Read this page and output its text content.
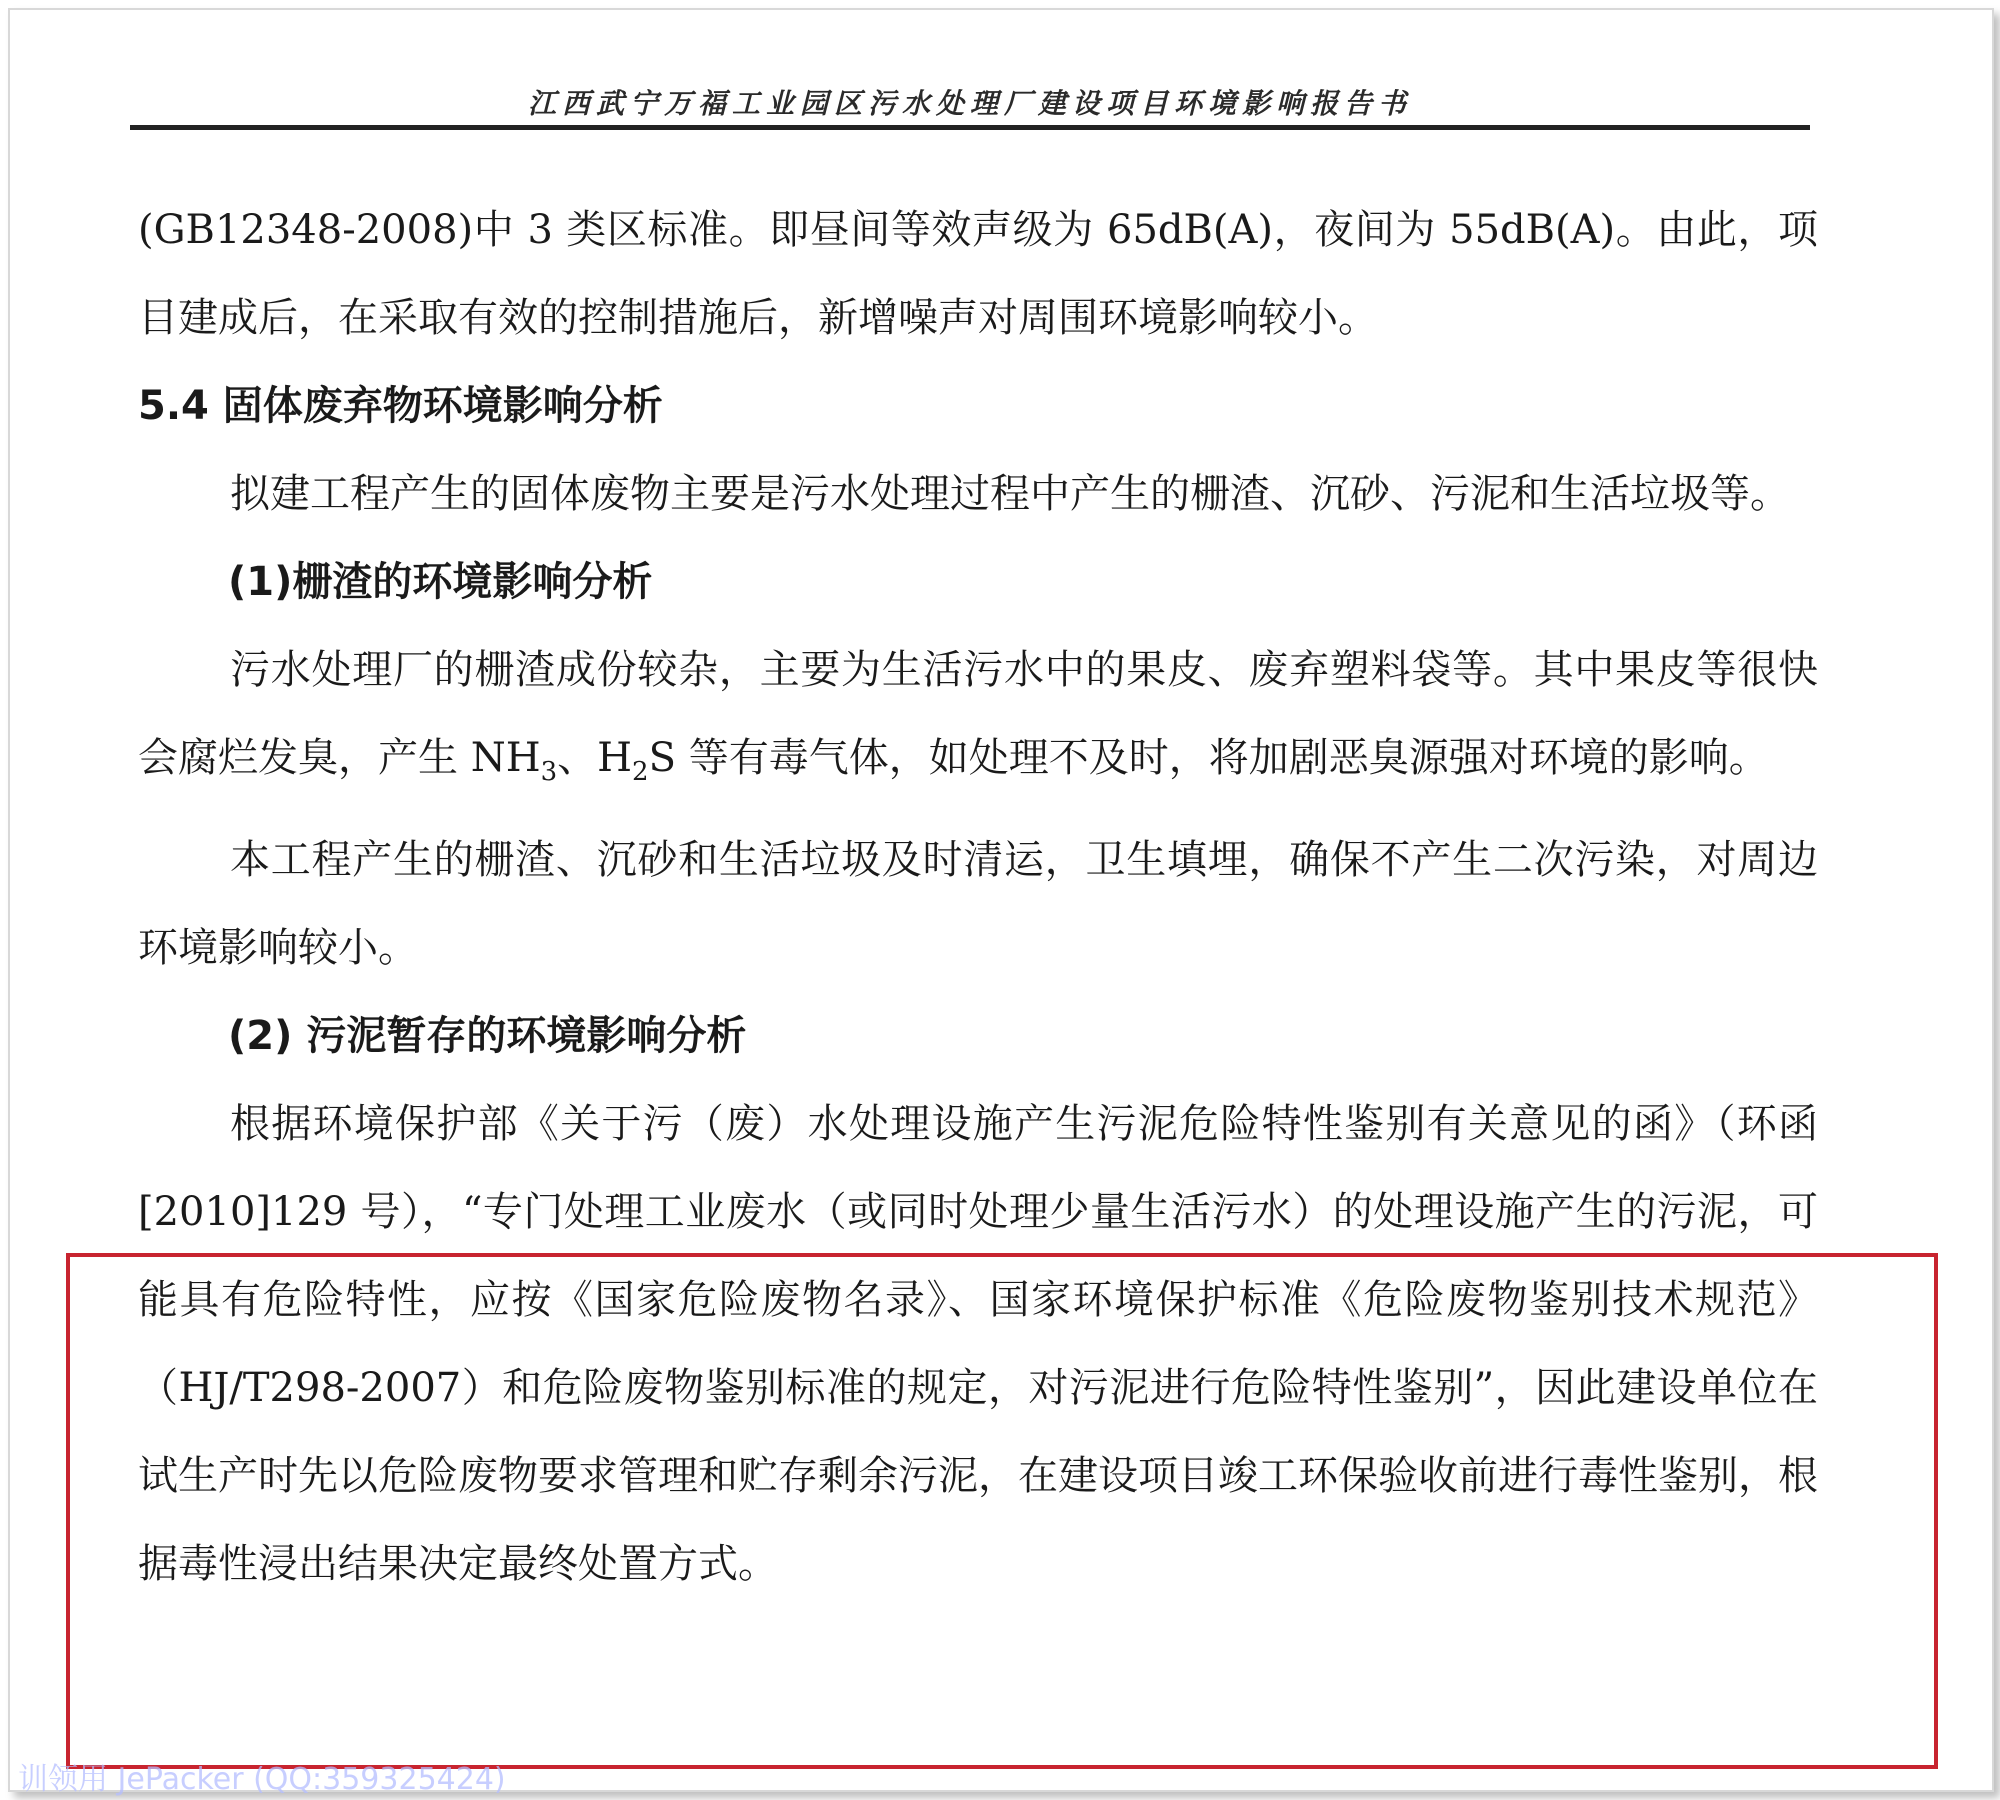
江西武宁万福工业园区污水处理厂建设项目环境影响报告书

(GB12348-2008)中 3 类区标准。即昼间等效声级为 65dB(A)，夜间为 55dB(A)。由此，项目建成后，在采取有效的控制措施后，新增噪声对周围环境影响较小。

5.4 固体废弃物环境影响分析

拟建工程产生的固体废物主要是污水处理过程中产生的栅渣、沉砂、污泥和生活垃圾等。

(1)栅渣的环境影响分析

污水处理厂的栅渣成份较杂，主要为生活污水中的果皮、废弃塑料袋等。其中果皮等很快会腐烂发臭，产生 $NH_3$、$H_2S$ 等有毒气体，如处理不及时，将加剧恶臭源强对环境的影响。

本工程产生的栅渣、沉砂和生活垃圾及时清运，卫生填埋，确保不产生二次污染，对周边环境影响较小。

(2) 污泥暂存的环境影响分析

根据环境保护部《关于污（废）水处理设施产生污泥危险特性鉴别有关意见的函》（环函[2010]129 号），“专门处理工业废水（或同时处理少量生活污水）的处理设施产生的污泥，可能具有危险特性，应按《国家危险废物名录》、国家环境保护标准《危险废物鉴别技术规范》（HJ/T298-2007）和危险废物鉴别标准的规定，对污泥进行危险特性鉴别”，因此建设单位在试生产时先以危险废物要求管理和贮存剩余污泥，在建设项目竣工环保验收前进行毒性鉴别，根据毒性浸出结果决定最终处置方式。

训领用 JePacker (QQ:359325424)
